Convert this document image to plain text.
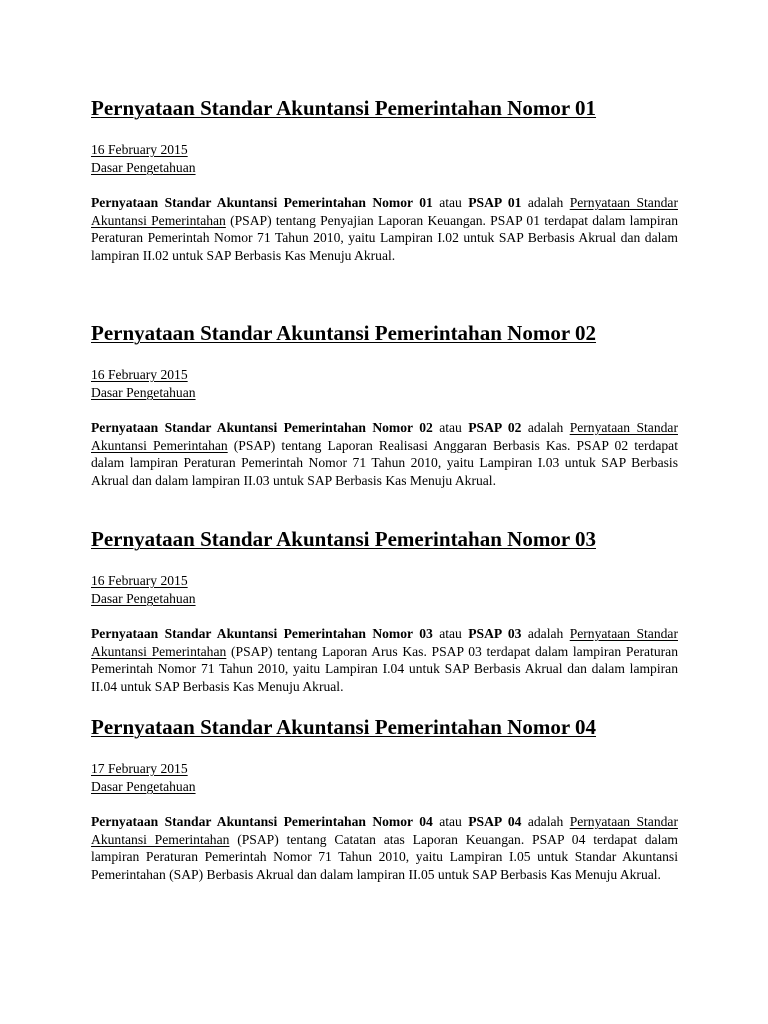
Pernyataan Standar Akuntansi Pemerintahan Nomor 01
16 February 2015
Dasar Pengetahuan

Pernyataan Standar Akuntansi Pemerintahan Nomor 01 atau PSAP 01 adalah Pernyataan Standar Akuntansi Pemerintahan (PSAP) tentang Penyajian Laporan Keuangan. PSAP 01 terdapat dalam lampiran Peraturan Pemerintah Nomor 71 Tahun 2010, yaitu Lampiran I.02 untuk SAP Berbasis Akrual dan dalam lampiran II.02 untuk SAP Berbasis Kas Menuju Akrual.

Pernyataan Standar Akuntansi Pemerintahan Nomor 02
16 February 2015
Dasar Pengetahuan

Pernyataan Standar Akuntansi Pemerintahan Nomor 02 atau PSAP 02 adalah Pernyataan Standar Akuntansi Pemerintahan (PSAP) tentang Laporan Realisasi Anggaran Berbasis Kas. PSAP 02 terdapat dalam lampiran Peraturan Pemerintah Nomor 71 Tahun 2010, yaitu Lampiran I.03 untuk SAP Berbasis Akrual dan dalam lampiran II.03 untuk SAP Berbasis Kas Menuju Akrual.

Pernyataan Standar Akuntansi Pemerintahan Nomor 03
16 February 2015
Dasar Pengetahuan

Pernyataan Standar Akuntansi Pemerintahan Nomor 03 atau PSAP 03 adalah Pernyataan Standar Akuntansi Pemerintahan (PSAP) tentang Laporan Arus Kas. PSAP 03 terdapat dalam lampiran Peraturan Pemerintah Nomor 71 Tahun 2010, yaitu Lampiran I.04 untuk SAP Berbasis Akrual dan dalam lampiran II.04 untuk SAP Berbasis Kas Menuju Akrual.

Pernyataan Standar Akuntansi Pemerintahan Nomor 04
17 February 2015
Dasar Pengetahuan

Pernyataan Standar Akuntansi Pemerintahan Nomor 04 atau PSAP 04 adalah Pernyataan Standar Akuntansi Pemerintahan (PSAP) tentang Catatan atas Laporan Keuangan. PSAP 04 terdapat dalam lampiran Peraturan Pemerintah Nomor 71 Tahun 2010, yaitu Lampiran I.05 untuk Standar Akuntansi Pemerintahan (SAP) Berbasis Akrual dan dalam lampiran II.05 untuk SAP Berbasis Kas Menuju Akrual.
